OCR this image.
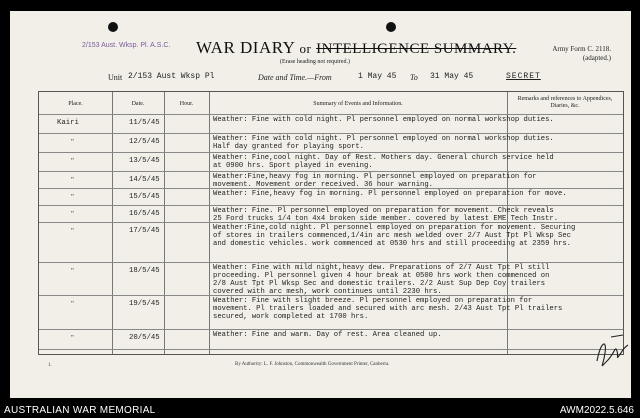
2/153 Aust. Wksp. Pl. A.S.C. WAR DIARY or INTELLIGENCE SUMMARY.
(Erase heading not required.)
Army Form C. 2118.
(adapted.)
Unit 2/153 Aust Wksp Pl	Date and Time.—From	1 May 45 To 31 May 45	SECRET
Place.	Date.	Hour.	Summary of Events and Information.
Remarks and references to Appendices, Diaries, &c.
Kairi	11/5/45	Weather: Fine with cold night. Pl personnel employed on normal workshop duties.
"	12/5/45	Weather: Fine with cold night. Pl personnel employed on normal workshop duties.
Half day granted for playing sport.
"	13/5/45	Weather: Fine,cool night. Day of Rest. Mothers day. General church service held
at 0900 hrs. Sport played in evening.
"	14/5/45	Weather:Fine,heavy fog in morning. Pl personnel employed on preparation for
movement. Movement order received. 36 hour warning.
"	15/5/45	Weather: Fine,heavy fog in morning. Pl personnel employed on preparation for move.
"	16/5/45	Weather: Fine. Pl personnel employed on preparation for movement. Check reveals
25 Ford trucks 1/4 ton 4x4 broken side member. covered by latest EME Tech Instr.
"	17/5/45	Weather:Fine,cold night. Pl personnel employed on preparation for movement. Securing
of stores in trailers commenced,1/4in arc mesh welded over 2/7 Aust Tpt Pl Wksp Sec
and domestic vehicles. work commenced at 0530 hrs and still proceeding at 2359 hrs.
"	18/5/45	Weather: Fine with mild night,heavy dew. Preparations of 2/7 Aust Tpt Pl still
proceeding. Pl personnel given 4 hour break at 0500 hrs work then commenced on
2/8 Aust Tpt Pl Wksp Sec and domestic trailers. 2/2 Aust Sup Dep Coy trailers
covered with arc mesh, work continues until 2230 hrs.
"	19/5/45	Weather: Fine with slight breeze. Pl personnel employed on preparation for
movement. Pl trailers loaded and secured with arc mesh. 2/43 Aust Tpt Pl trailers
secured, work completed at 1700 hrs.
"	20/5/45	Weather: Fine and warm. Day of rest. Area cleaned up.
1.	By Authority: L. F. Johnston, Commonwealth Government Printer, Canberra.
AUSTRALIAN WAR MEMORIAL	AWM2022.5.646
